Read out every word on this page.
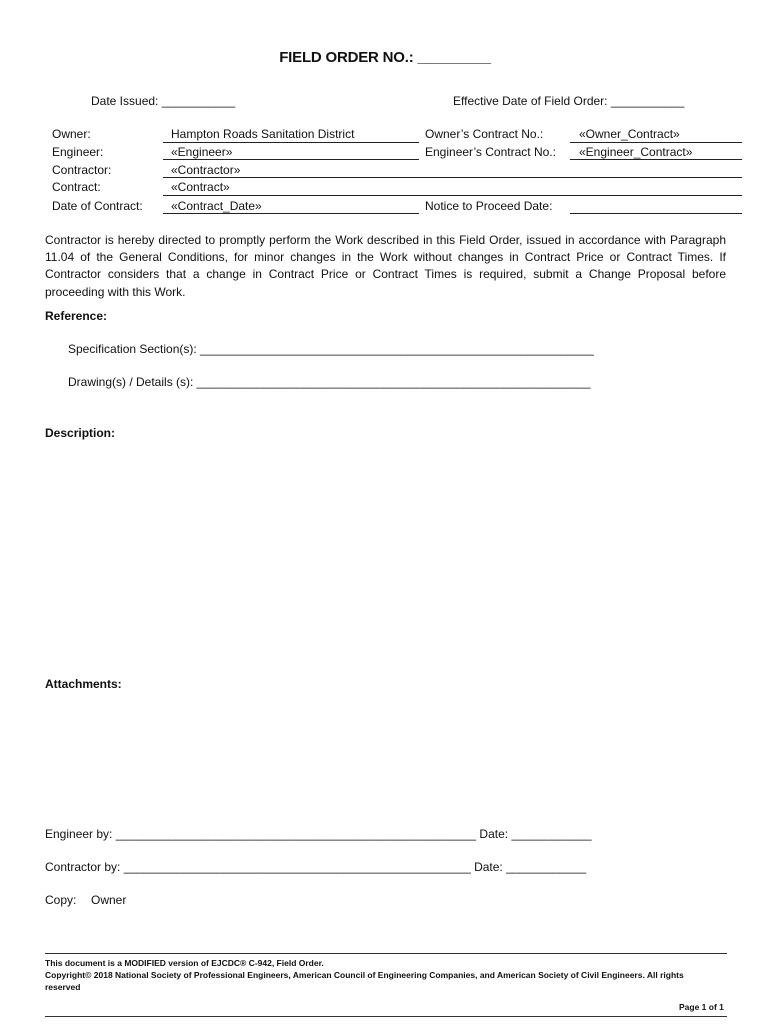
FIELD ORDER NO.: _________
Date Issued: ___________	Effective Date of Field Order: ___________
Owner:
Engineer:
Contractor:
Contract:
Date of Contract:
Hampton Roads Sanitation District
«Engineer»
«Contractor»
«Contract»
«Contract_Date»
Owner’s Contract No.:	«Owner_Contract»
Engineer’s Contract No.: «Engineer_Contract»
Notice to Proceed Date:
Contractor is hereby directed to promptly perform the Work described in this Field Order, issued in accordance with Paragraph 11.04 of the General Conditions, for minor changes in the Work without changes in Contract Price or Contract Times. If Contractor considers that a change in Contract Price or Contract Times is required, submit a Change Proposal before proceeding with this Work.
Reference:
Specification Section(s): ___________________________________________________________
Drawing(s) / Details (s): ___________________________________________________________
Description:
Attachments:
Engineer by: ______________________________________________________ Date: ____________
Contractor by: ____________________________________________________ Date: ____________
Copy: Owner
This document is a MODIFIED version of EJCDC® C-942, Field Order.
Copyright© 2018 National Society of Professional Engineers, American Council of Engineering Companies, and American Society of Civil Engineers. All rights
reserved
Page 1 of 1
